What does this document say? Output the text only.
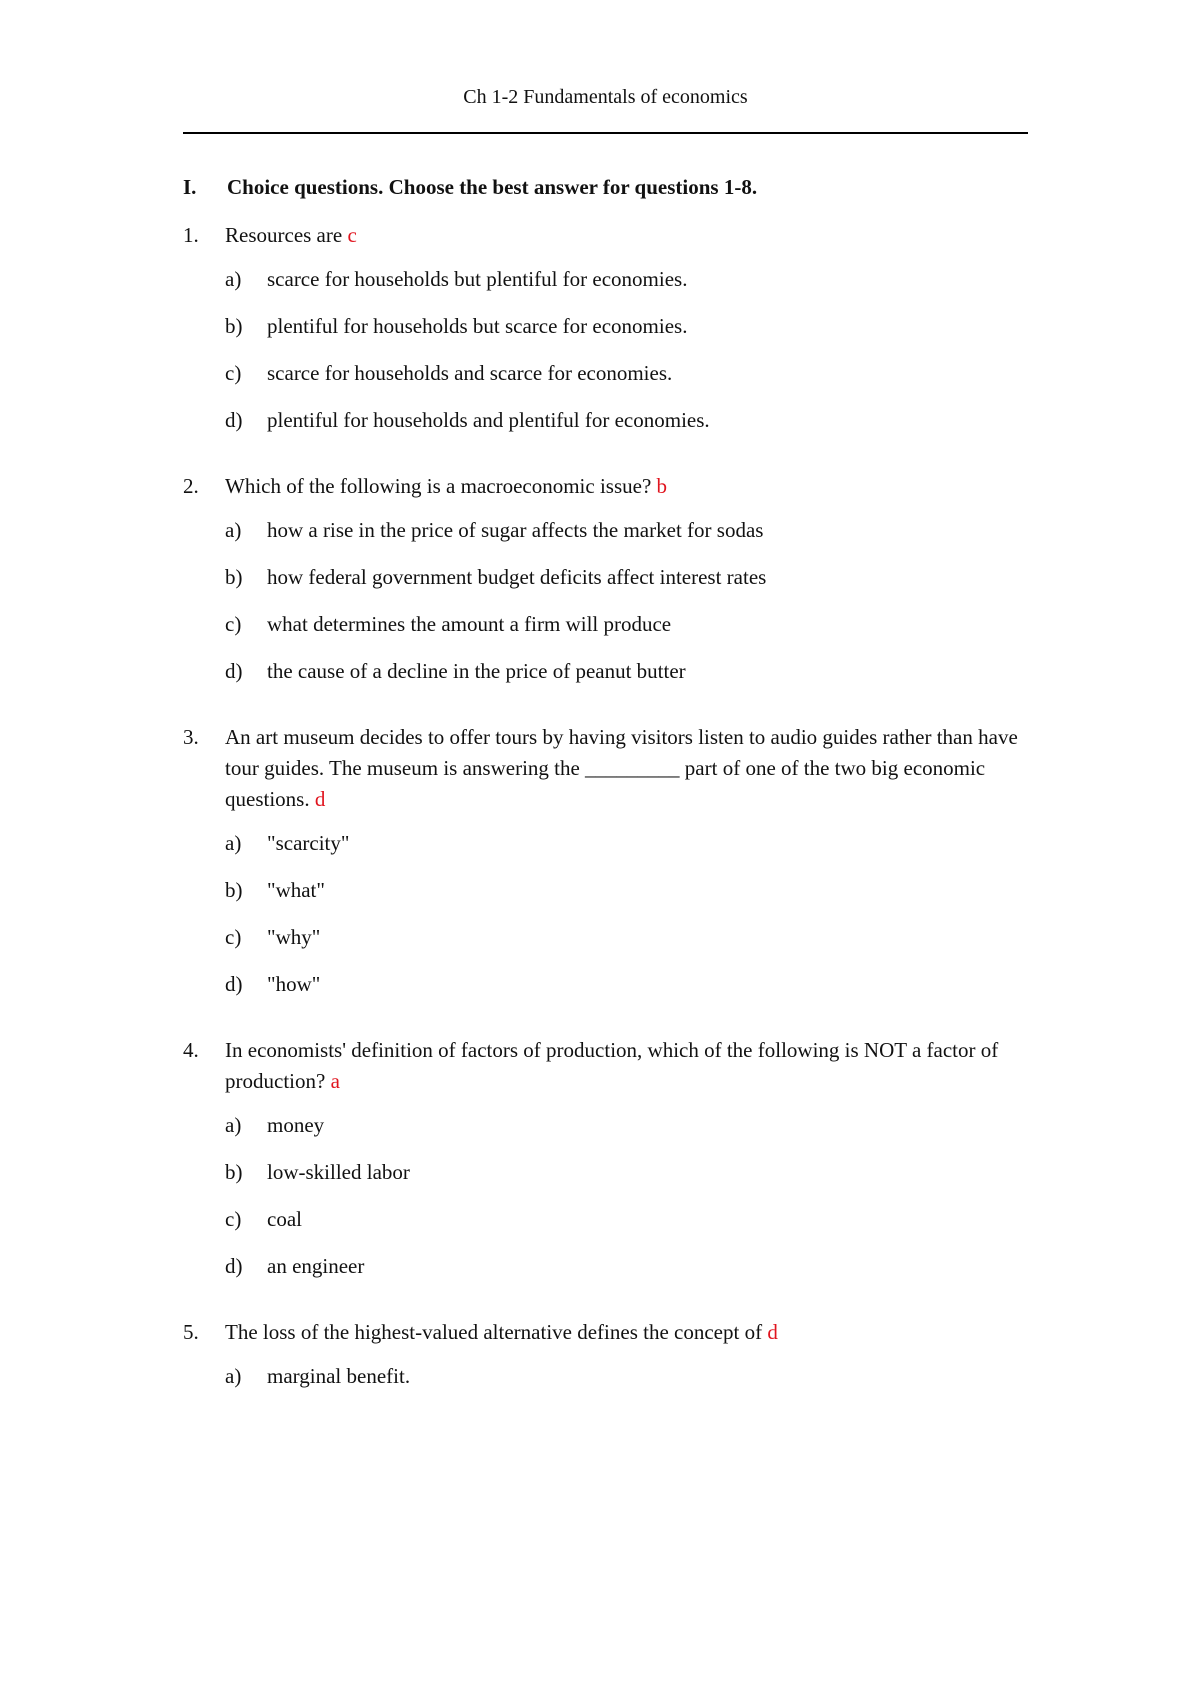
Ch 1-2 Fundamentals of economics
I.	Choice questions. Choose the best answer for questions 1-8.
1.	Resources are c
a)	scarce for households but plentiful for economies.
b)	plentiful for households but scarce for economies.
c)	scarce for households and scarce for economies.
d)	plentiful for households and plentiful for economies.
2.	Which of the following is a macroeconomic issue? b
a)	how a rise in the price of sugar affects the market for sodas
b)	how federal government budget deficits affect interest rates
c)	what determines the amount a firm will produce
d)	the cause of a decline in the price of peanut butter
3.	An art museum decides to offer tours by having visitors listen to audio guides rather than have tour guides. The museum is answering the _________ part of one of the two big economic questions. d
a)	"scarcity"
b)	"what"
c)	"why"
d)	"how"
4.	In economists' definition of factors of production, which of the following is NOT a factor of production? a
a)	money
b)	low-skilled labor
c)	coal
d)	an engineer
5.	The loss of the highest-valued alternative defines the concept of d
a)	marginal benefit.
